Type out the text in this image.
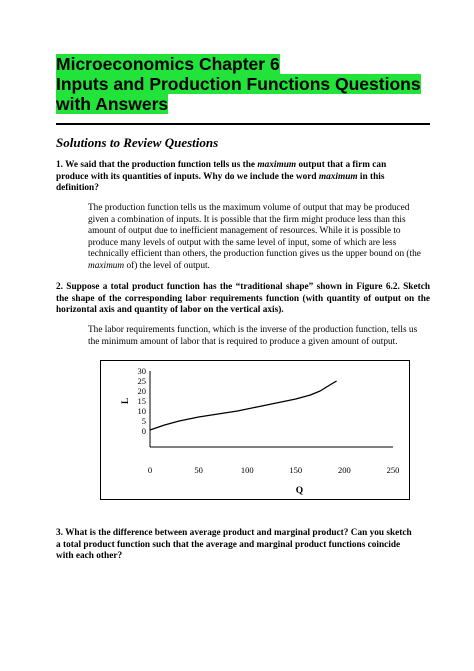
Microeconomics Chapter 6
Inputs and Production Functions Questions
with Answers
Solutions to Review Questions
1. We said that the production function tells us the maximum output that a firm can produce with its quantities of inputs. Why do we include the word maximum in this definition?
The production function tells us the maximum volume of output that may be produced given a combination of inputs. It is possible that the firm might produce less than this amount of output due to inefficient management of resources. While it is possible to produce many levels of output with the same level of input, some of which are less technically efficient than others, the production function gives us the upper bound on (the maximum of) the level of output.
2. Suppose a total product function has the “traditional shape” shown in Figure 6.2. Sketch the shape of the corresponding labor requirements function (with quantity of output on the horizontal axis and quantity of labor on the vertical axis).
The labor requirements function, which is the inverse of the production function, tells us the minimum amount of labor that is required to produce a given amount of output.
30
25
20
15
10
5
0
0	50	100	150	200	250
Q
L
3. What is the difference between average product and marginal product? Can you sketch a total product function such that the average and marginal product functions coincide with each other?
